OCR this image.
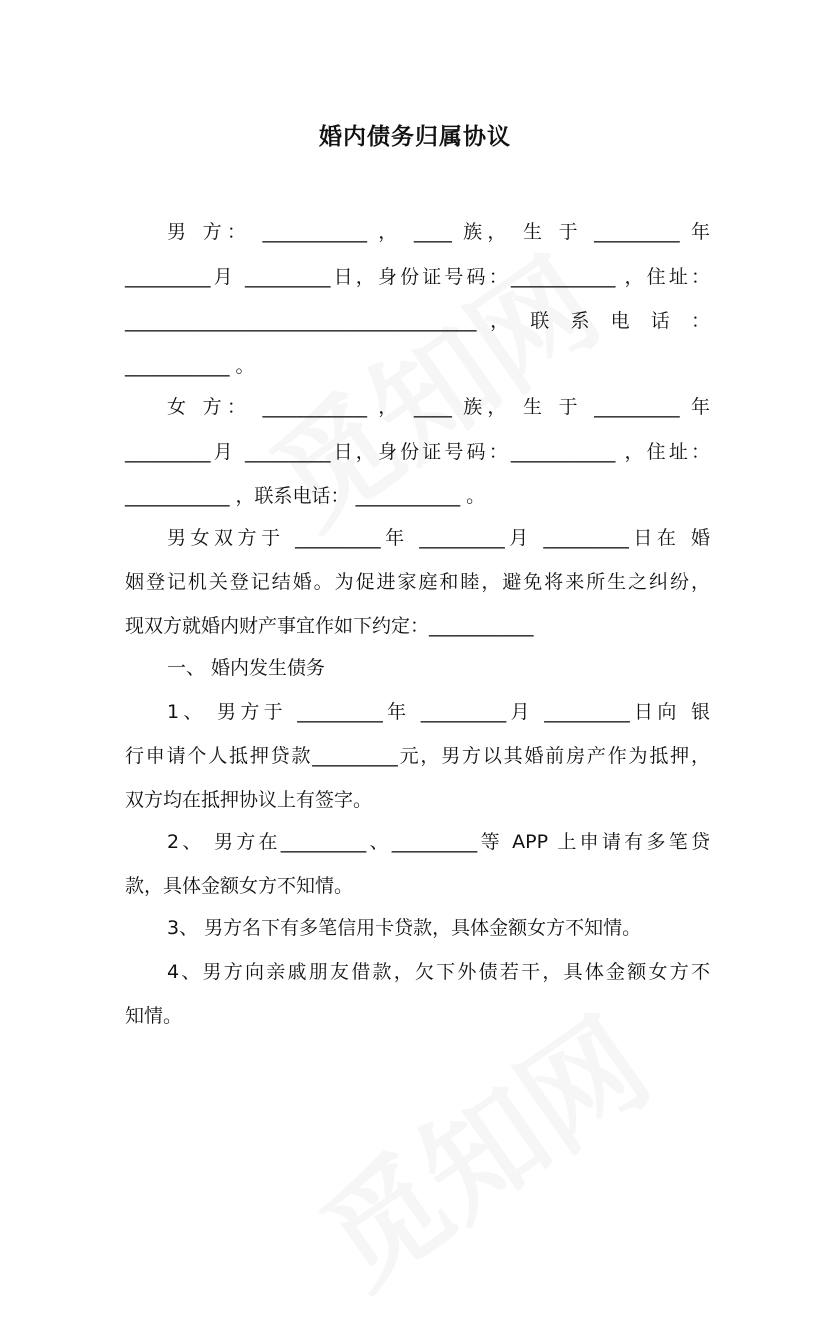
婚内债务归属协议
男 方： ___________ ， ____ 族， 生 于 _________ 年
_________月 _________日，身份证号码：___________ ，住址：
_____________________________________ ， 联 系 电 话 ：
___________ 。
女 方： ___________ ， ____ 族， 生 于 _________ 年
_________月 _________日，身份证号码：___________ ，住址：
___________ ，联系电话： ___________ 。
男女双方于 _________年 _________月 _________日在 婚
姻登记机关登记结婚。为促进家庭和睦，避免将来所生之纠纷，
现双方就婚内财产事宜作如下约定：___________
一、 婚内发生债务
1、 男方于 _________年 _________月 _________日向 银
行申请个人抵押贷款_________元，男方以其婚前房产作为抵押，
双方均在抵押协议上有签字。
2、 男方在_________、_________等 APP 上申请有多笔贷
款，具体金额女方不知情。
3、 男方名下有多笔信用卡贷款，具体金额女方不知情。
4、男方向亲戚朋友借款，欠下外债若干，具体金额女方不
知情。
